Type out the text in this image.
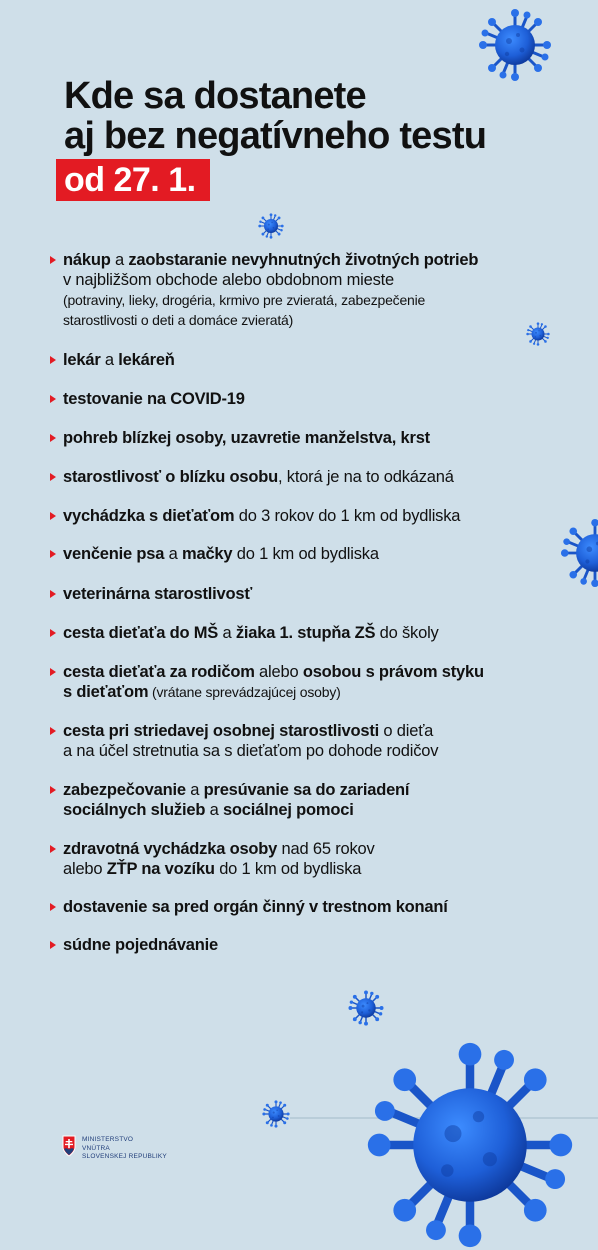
Kde sa dostanete
aj bez negatívneho testu
od 27. 1.
nákup a zaobstaranie nevyhnutných životných potrieb
v najbližšom obchode alebo obdobnom mieste
(potraviny, lieky, drogéria, krmivo pre zvieratá, zabezpečenie
starostlivosti o deti a domáce zvieratá)
lekár a lekáreň
testovanie na COVID-19
pohreb blízkej osoby, uzavretie manželstva, krst
starostlivosť o blízku osobu, ktorá je na to odkázaná
vychádzka s dieťaťom do 3 rokov do 1 km od bydliska
venčenie psa a mačky do 1 km od bydliska
veterinárna starostlivosť
cesta dieťaťa do MŠ a žiaka 1. stupňa ZŠ do školy
cesta dieťaťa za rodičom alebo osobou s právom styku
s dieťaťom (vrátane sprevádzajúcej osoby)
cesta pri striedavej osobnej starostlivosti o dieťa
a na účel stretnutia sa s dieťaťom po dohode rodičov
zabezpečovanie a presúvanie sa do zariadení
sociálnych služieb a sociálnej pomoci
zdravotná vychádzka osoby nad 65 rokov
alebo ZŤP na vozíku do 1 km od bydliska
dostavenie sa pred orgán činný v trestnom konaní
súdne pojednávanie
MINISTERSTVO
VNÚTRA
SLOVENSKEJ REPUBLIKY
